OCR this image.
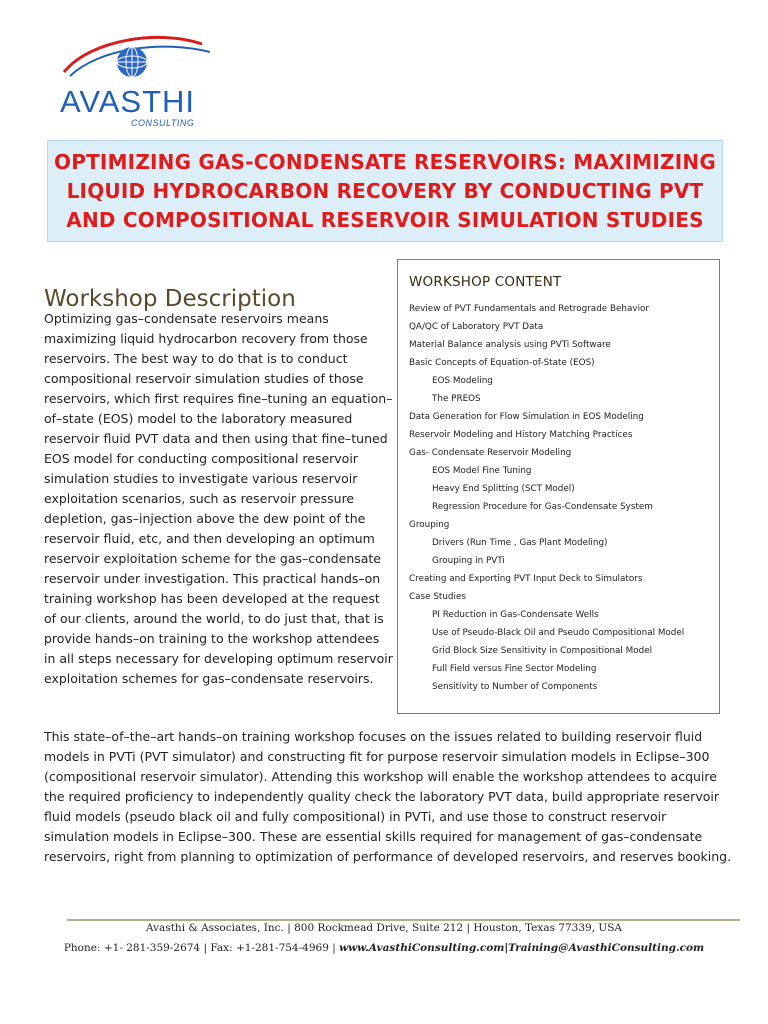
AVASTHI
CONSULTING
OPTIMIZING GAS-CONDENSATE RESERVOIRS: MAXIMIZING LIQUID HYDROCARBON RECOVERY BY CONDUCTING PVT AND COMPOSITIONAL RESERVOIR SIMULATION STUDIES
Workshop Description
Optimizing gas–condensate reservoirs means maximizing liquid hydrocarbon recovery from those reservoirs. The best way to do that is to conduct compositional reservoir simulation studies of those reservoirs, which first requires fine–tuning an equation–of–state (EOS) model to the laboratory measured reservoir fluid PVT data and then using that fine–tuned EOS model for conducting compositional reservoir simulation studies to investigate various reservoir exploitation scenarios, such as reservoir pressure depletion, gas–injection above the dew point of the reservoir fluid, etc, and then developing an optimum reservoir exploitation scheme for the gas–condensate reservoir under investigation. This practical hands–on training workshop has been developed at the request of our clients, around the world, to do just that, that is provide hands–on training to the workshop attendees in all steps necessary for developing optimum reservoir exploitation schemes for gas–condensate reservoirs.
WORKSHOP CONTENT
Review of PVT Fundamentals and Retrograde Behavior
QA/QC of Laboratory PVT Data
Material Balance analysis using PVTi Software
Basic Concepts of Equation-of-State (EOS)
EOS Modeling
The PREOS
Data Generation for Flow Simulation in EOS Modeling
Reservoir Modeling and History Matching Practices
Gas- Condensate Reservoir Modeling
EOS Model Fine Tuning
Heavy End Splitting (SCT Model)
Regression Procedure for Gas-Condensate System
Grouping
Drivers (Run Time , Gas Plant Modeling)
Grouping in PVTi
Creating and Exporting PVT Input Deck to Simulators
Case Studies
PI Reduction in Gas-Condensate Wells
Use of Pseudo-Black Oil and Pseudo Compositional Model
Grid Block Size Sensitivity in Compositional Model
Full Field versus Fine Sector Modeling
Sensitivity to Number of Components
This state–of–the–art hands–on training workshop focuses on the issues related to building reservoir fluid models in PVTi (PVT simulator) and constructing fit for purpose reservoir simulation models in Eclipse–300 (compositional reservoir simulator). Attending this workshop will enable the workshop attendees to acquire the required proficiency to independently quality check the laboratory PVT data, build appropriate reservoir fluid models (pseudo black oil and fully compositional) in PVTi, and use those to construct reservoir simulation models in Eclipse–300. These are essential skills required for management of gas–condensate reservoirs, right from planning to optimization of performance of developed reservoirs, and reserves booking.
Avasthi & Associates, Inc. | 800 Rockmead Drive, Suite 212 | Houston, Texas 77339, USA
Phone: +1- 281-359-2674 | Fax: +1-281-754-4969 | www.AvasthiConsulting.com|Training@AvasthiConsulting.com
